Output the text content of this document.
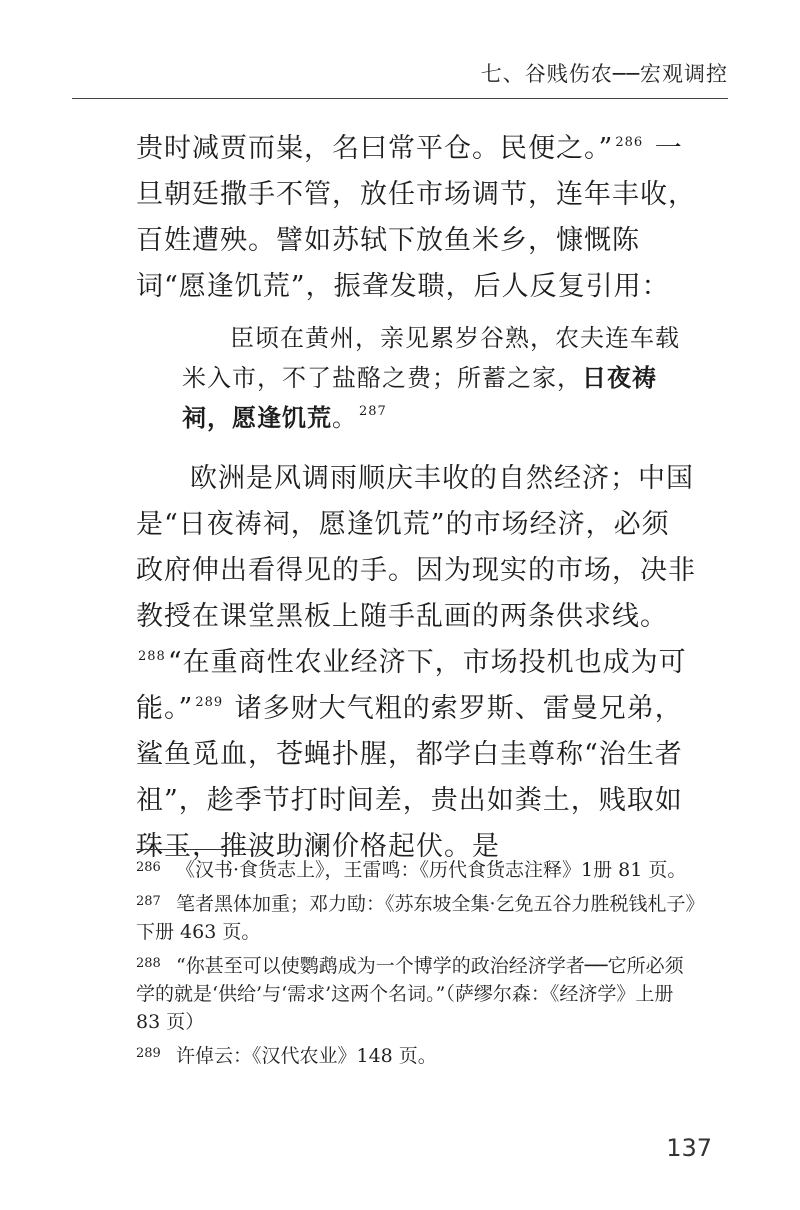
七、谷贱伤农──宏观调控

贵时减贾而粜，名曰常平仓。民便之。” $^{286}$ 一旦朝廷撒手不管，放任市场调节，连年丰收，百姓遭殃。譬如苏轼下放鱼米乡，慷慨陈词“愿逢饥荒”，振聋发聩，后人反复引用：

臣顷在黄州，亲见累岁谷熟，农夫连车载米入市，不了盐酪之费；所蓄之家，日夜祷祠，愿逢饥荒。 $^{287}$

欧洲是风调雨顺庆丰收的自然经济；中国是“日夜祷祠，愿逢饥荒”的市场经济，必须政府伸出看得见的手。因为现实的市场，决非教授在课堂黑板上随手乱画的两条供求线。$^{288}$“在重商性农业经济下，市场投机也成为可能。” $^{289}$ 诸多财大气粗的索罗斯、雷曼兄弟，鲨鱼觅血，苍蝇扑腥，都学白圭尊称“治生者祖”，趁季节打时间差，贵出如粪土，贱取如珠玉，推波助澜价格起伏。是

286 《汉书·食货志上》，王雷鸣：《历代食货志注释》1册 81 页。

287 笔者黑体加重；邓力劻：《苏东坡全集·乞免五谷力胜税钱札子》下册 463 页。

288 “你甚至可以使鹦鹉成为一个博学的政治经济学者──它所必须学的就是‘供给’与‘需求’这两个名词。”（萨缪尔森：《经济学》上册 83 页）

289 许倬云：《汉代农业》148 页。

137
